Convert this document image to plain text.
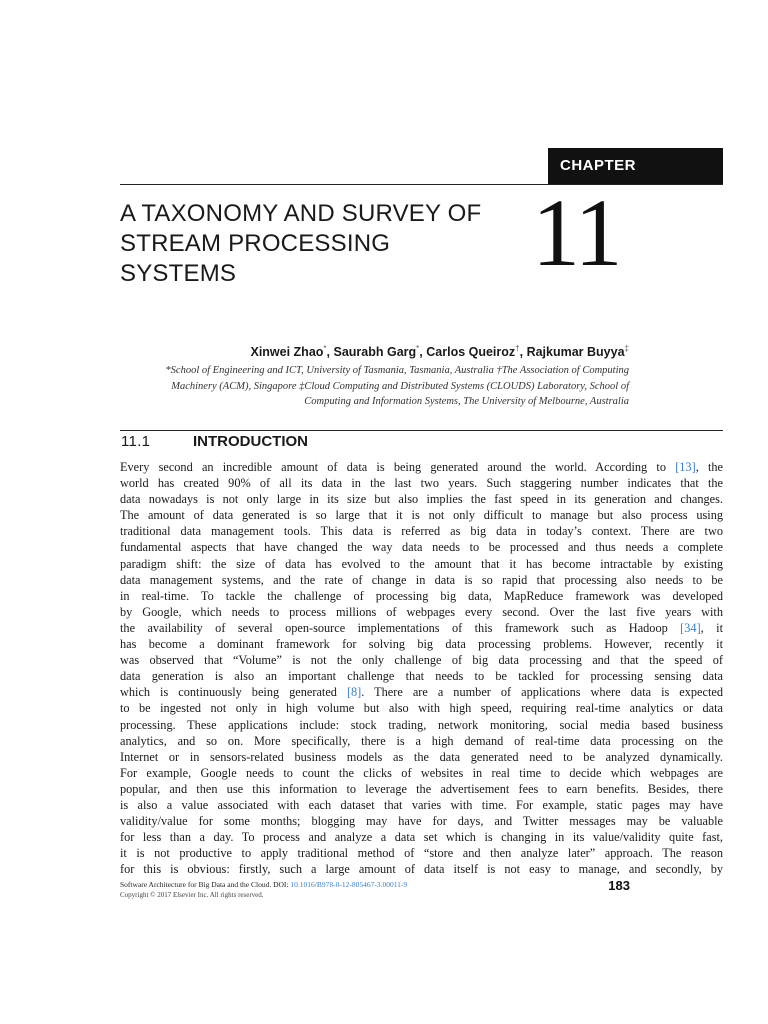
CHAPTER
A TAXONOMY AND SURVEY OF
STREAM PROCESSING
SYSTEMS	11
Xinwei Zhao*, Saurabh Garg*, Carlos Queiroz†, Rajkumar Buyya‡
*School of Engineering and ICT, University of Tasmania, Tasmania, Australia †The Association of Computing
Machinery (ACM), Singapore ‡Cloud Computing and Distributed Systems (CLOUDS) Laboratory, School of
Computing and Information Systems, The University of Melbourne, Australia
11.1	INTRODUCTION
Every second an incredible amount of data is being generated around the world. According to [13], the
world has created 90% of all its data in the last two years. Such staggering number indicates that the
data nowadays is not only large in its size but also implies the fast speed in its generation and changes.
The amount of data generated is so large that it is not only difficult to manage but also process using
traditional data management tools. This data is referred as big data in today’s context. There are two
fundamental aspects that have changed the way data needs to be processed and thus needs a complete
paradigm shift: the size of data has evolved to the amount that it has become intractable by existing
data management systems, and the rate of change in data is so rapid that processing also needs to be
in real-time. To tackle the challenge of processing big data, MapReduce framework was developed
by Google, which needs to process millions of webpages every second. Over the last five years with
the availability of several open-source implementations of this framework such as Hadoop [34], it
has become a dominant framework for solving big data processing problems. However, recently it
was observed that “Volume” is not the only challenge of big data processing and that the speed of
data generation is also an important challenge that needs to be tackled for processing sensing data
which is continuously being generated [8]. There are a number of applications where data is expected
to be ingested not only in high volume but also with high speed, requiring real-time analytics or data
processing. These applications include: stock trading, network monitoring, social media based business
analytics, and so on. More specifically, there is a high demand of real-time data processing on the
Internet or in sensors-related business models as the data generated need to be analyzed dynamically.
For example, Google needs to count the clicks of websites in real time to decide which webpages are
popular, and then use this information to leverage the advertisement fees to earn benefits. Besides, there
is also a value associated with each dataset that varies with time. For example, static pages may have
validity/value for some months; blogging may have for days, and Twitter messages may be valuable
for less than a day. To process and analyze a data set which is changing in its value/validity quite fast,
it is not productive to apply traditional method of “store and then analyze later” approach. The reason
for this is obvious: firstly, such a large amount of data itself is not easy to manage, and secondly, by
Software Architecture for Big Data and the Cloud. DOI: 10.1016/B978-0-12-805467-3.00011-9
Copyright © 2017 Elsevier Inc. All rights reserved.
183
